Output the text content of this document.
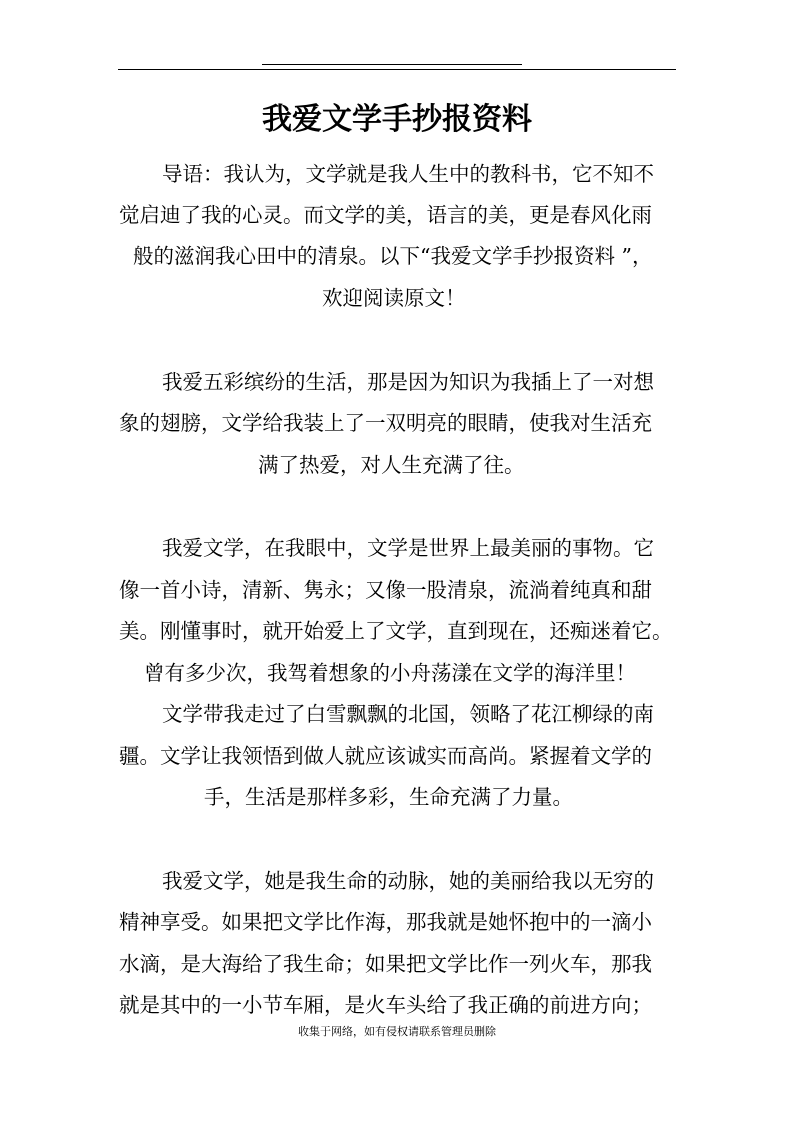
我爱文学手抄报资料
导语：我认为，文学就是我人生中的教科书，它不知不
觉启迪了我的心灵。而文学的美，语言的美，更是春风化雨
般的滋润我心田中的清泉。以下“我爱文学手抄报资料 ”，
欢迎阅读原文！
我爱五彩缤纷的生活，那是因为知识为我插上了一对想
象的翅膀，文学给我装上了一双明亮的眼睛，使我对生活充
满了热爱，对人生充满了往。
我爱文学，在我眼中，文学是世界上最美丽的事物。它
像一首小诗，清新、隽永；又像一股清泉，流淌着纯真和甜
美。刚懂事时，就开始爱上了文学，直到现在，还痴迷着它。
曾有多少次，我驾着想象的小舟荡漾在文学的海洋里！
文学带我走过了白雪飘飘的北国，领略了花江柳绿的南
疆。文学让我领悟到做人就应该诚实而高尚。紧握着文学的
手，生活是那样多彩，生命充满了力量。
我爱文学，她是我生命的动脉，她的美丽给我以无穷的
精神享受。如果把文学比作海，那我就是她怀抱中的一滴小
水滴，是大海给了我生命；如果把文学比作一列火车，那我
就是其中的一小节车厢，是火车头给了我正确的前进方向；
收集于网络，如有侵权请联系管理员删除
